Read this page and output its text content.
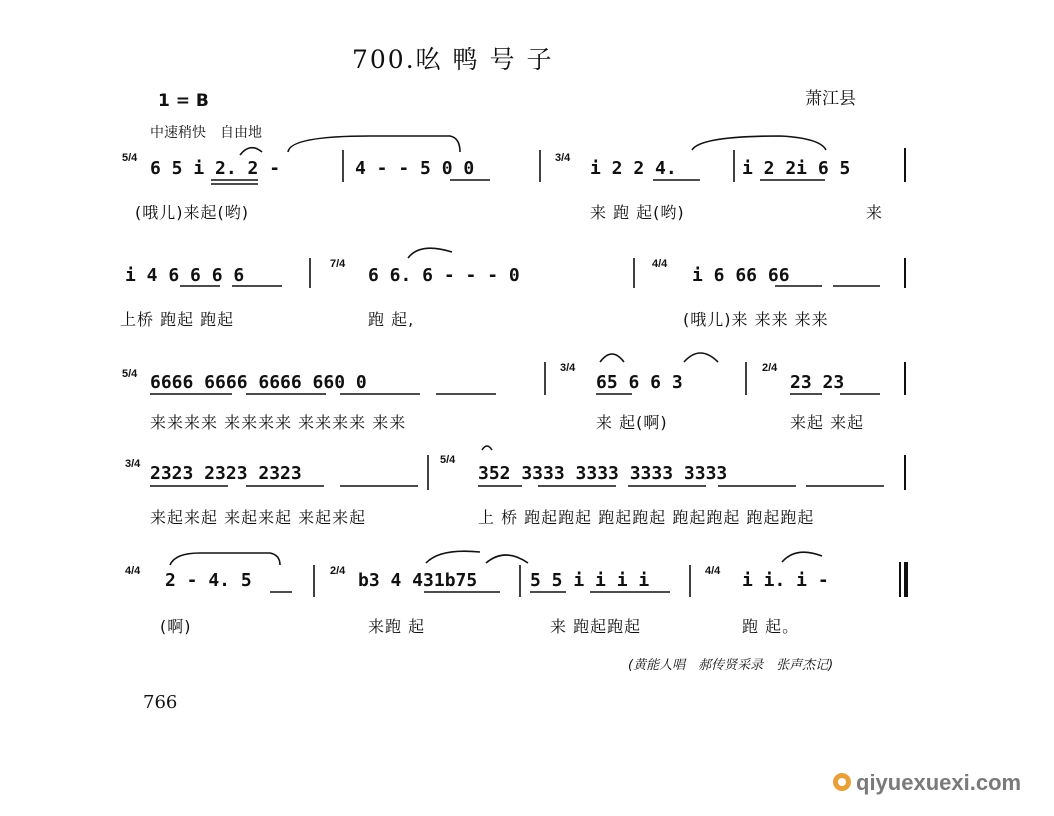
700.吆 鸭 号 子
1 = B
中速稍快　自由地
萧江县
5/4 6 5 i 2. 2 -	4 - - 5 0 0	3/4 i 2 2 4.	i 2 2i 6 5
(哦儿)来起(哟)	来 跑 起(哟)	来
i 4 6 6 6 6
7/4
6 6. 6 - - - 0
4/4
i 6 66 66
上桥 跑起 跑起	跑 起,	(哦儿)来 来来 来来
5/4 6666 6666 6666 660 0
3/4
65 6 6 3
2/4
23 23
来来来来 来来来来 来来来来 来来	来 起(啊)	来起 来起
3/4 2323 2323 2323
5/4
352 3333 3333 3333 3333
来起来起 来起来起 来起来起	上 桥 跑起跑起 跑起跑起 跑起跑起 跑起跑起
4/4 2 - 4. 5	2/4 b3 4 431b75	5 5 i i i i	4/4 i i. i -
(啊)	来跑 起	来 跑起跑起	跑 起。
(黄能人唱　郝传贤采录　张声杰记)
766
qiyuexuexi.com
